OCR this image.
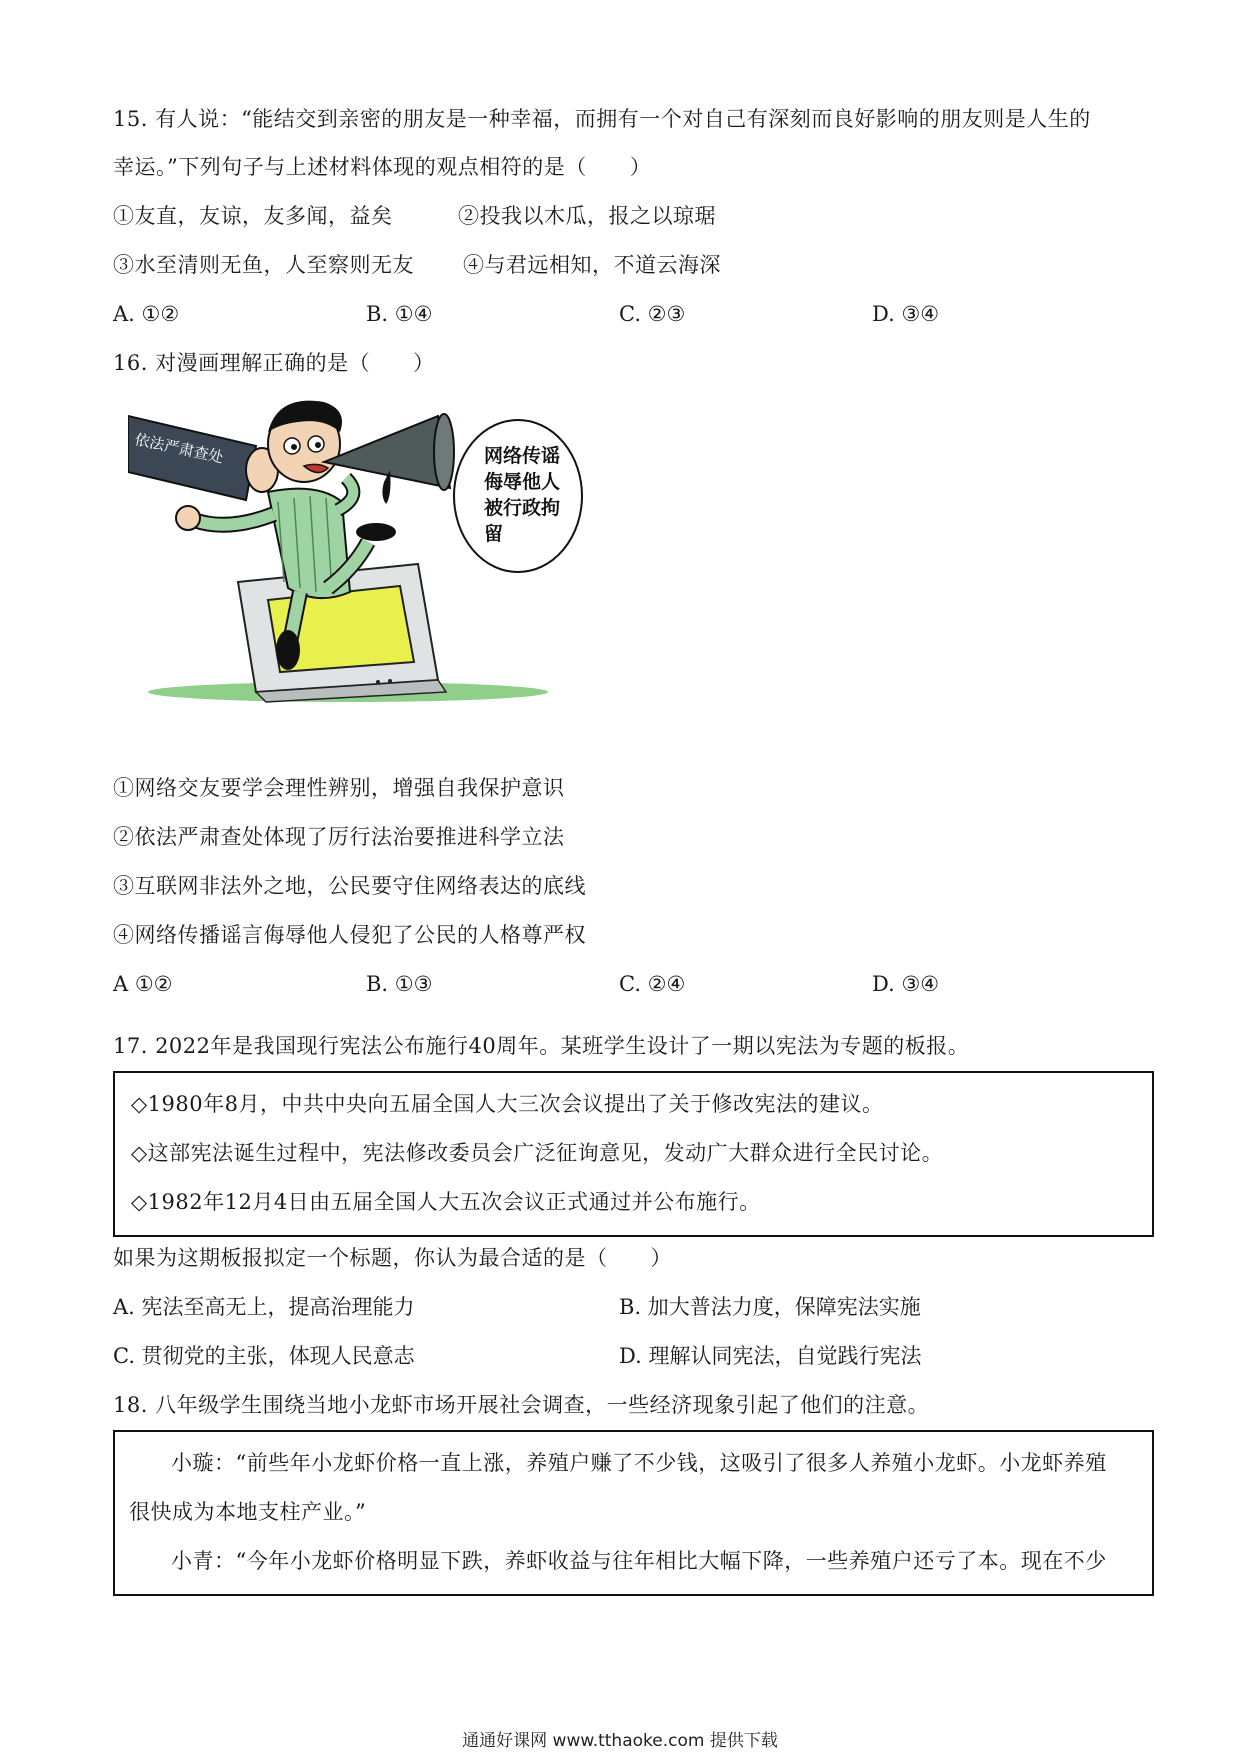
15. 有人说：“能结交到亲密的朋友是一种幸福，而拥有一个对自己有深刻而良好影响的朋友则是人生的
幸运。”下列句子与上述材料体现的观点相符的是（　　）
①友直，友谅，友多闻，益矣	②投我以木瓜，报之以琼琚
③水至清则无鱼，人至察则无友 ④与君远相知，不道云海深
A. ①②	B. ①④	C. ②③	D. ③④
16. 对漫画理解正确的是（　　）
依法严肃查处	网络传谣
侮辱他人
被行政拘
留
①网络交友要学会理性辨别，增强自我保护意识
②依法严肃查处体现了厉行法治要推进科学立法
③互联网非法外之地，公民要守住网络表达的底线
④网络传播谣言侮辱他人侵犯了公民的人格尊严权
A ①②	B. ①③	C. ②④	D. ③④
17. 2022年是我国现行宪法公布施行40周年。某班学生设计了一期以宪法为专题的板报。
◇1980年8月，中共中央向五届全国人大三次会议提出了关于修改宪法的建议。
◇这部宪法诞生过程中，宪法修改委员会广泛征询意见，发动广大群众进行全民讨论。
◇1982年12月4日由五届全国人大五次会议正式通过并公布施行。
如果为这期板报拟定一个标题，你认为最合适的是（　　）
A. 宪法至高无上，提高治理能力	B. 加大普法力度，保障宪法实施
C. 贯彻党的主张，体现人民意志	D. 理解认同宪法，自觉践行宪法
18. 八年级学生围绕当地小龙虾市场开展社会调查，一些经济现象引起了他们的注意。
小璇：“前些年小龙虾价格一直上涨，养殖户赚了不少钱，这吸引了很多人养殖小龙虾。小龙虾养殖
很快成为本地支柱产业。”
小青：“今年小龙虾价格明显下跌，养虾收益与往年相比大幅下降，一些养殖户还亏了本。现在不少
通通好课网 www.tthaoke.com 提供下载
